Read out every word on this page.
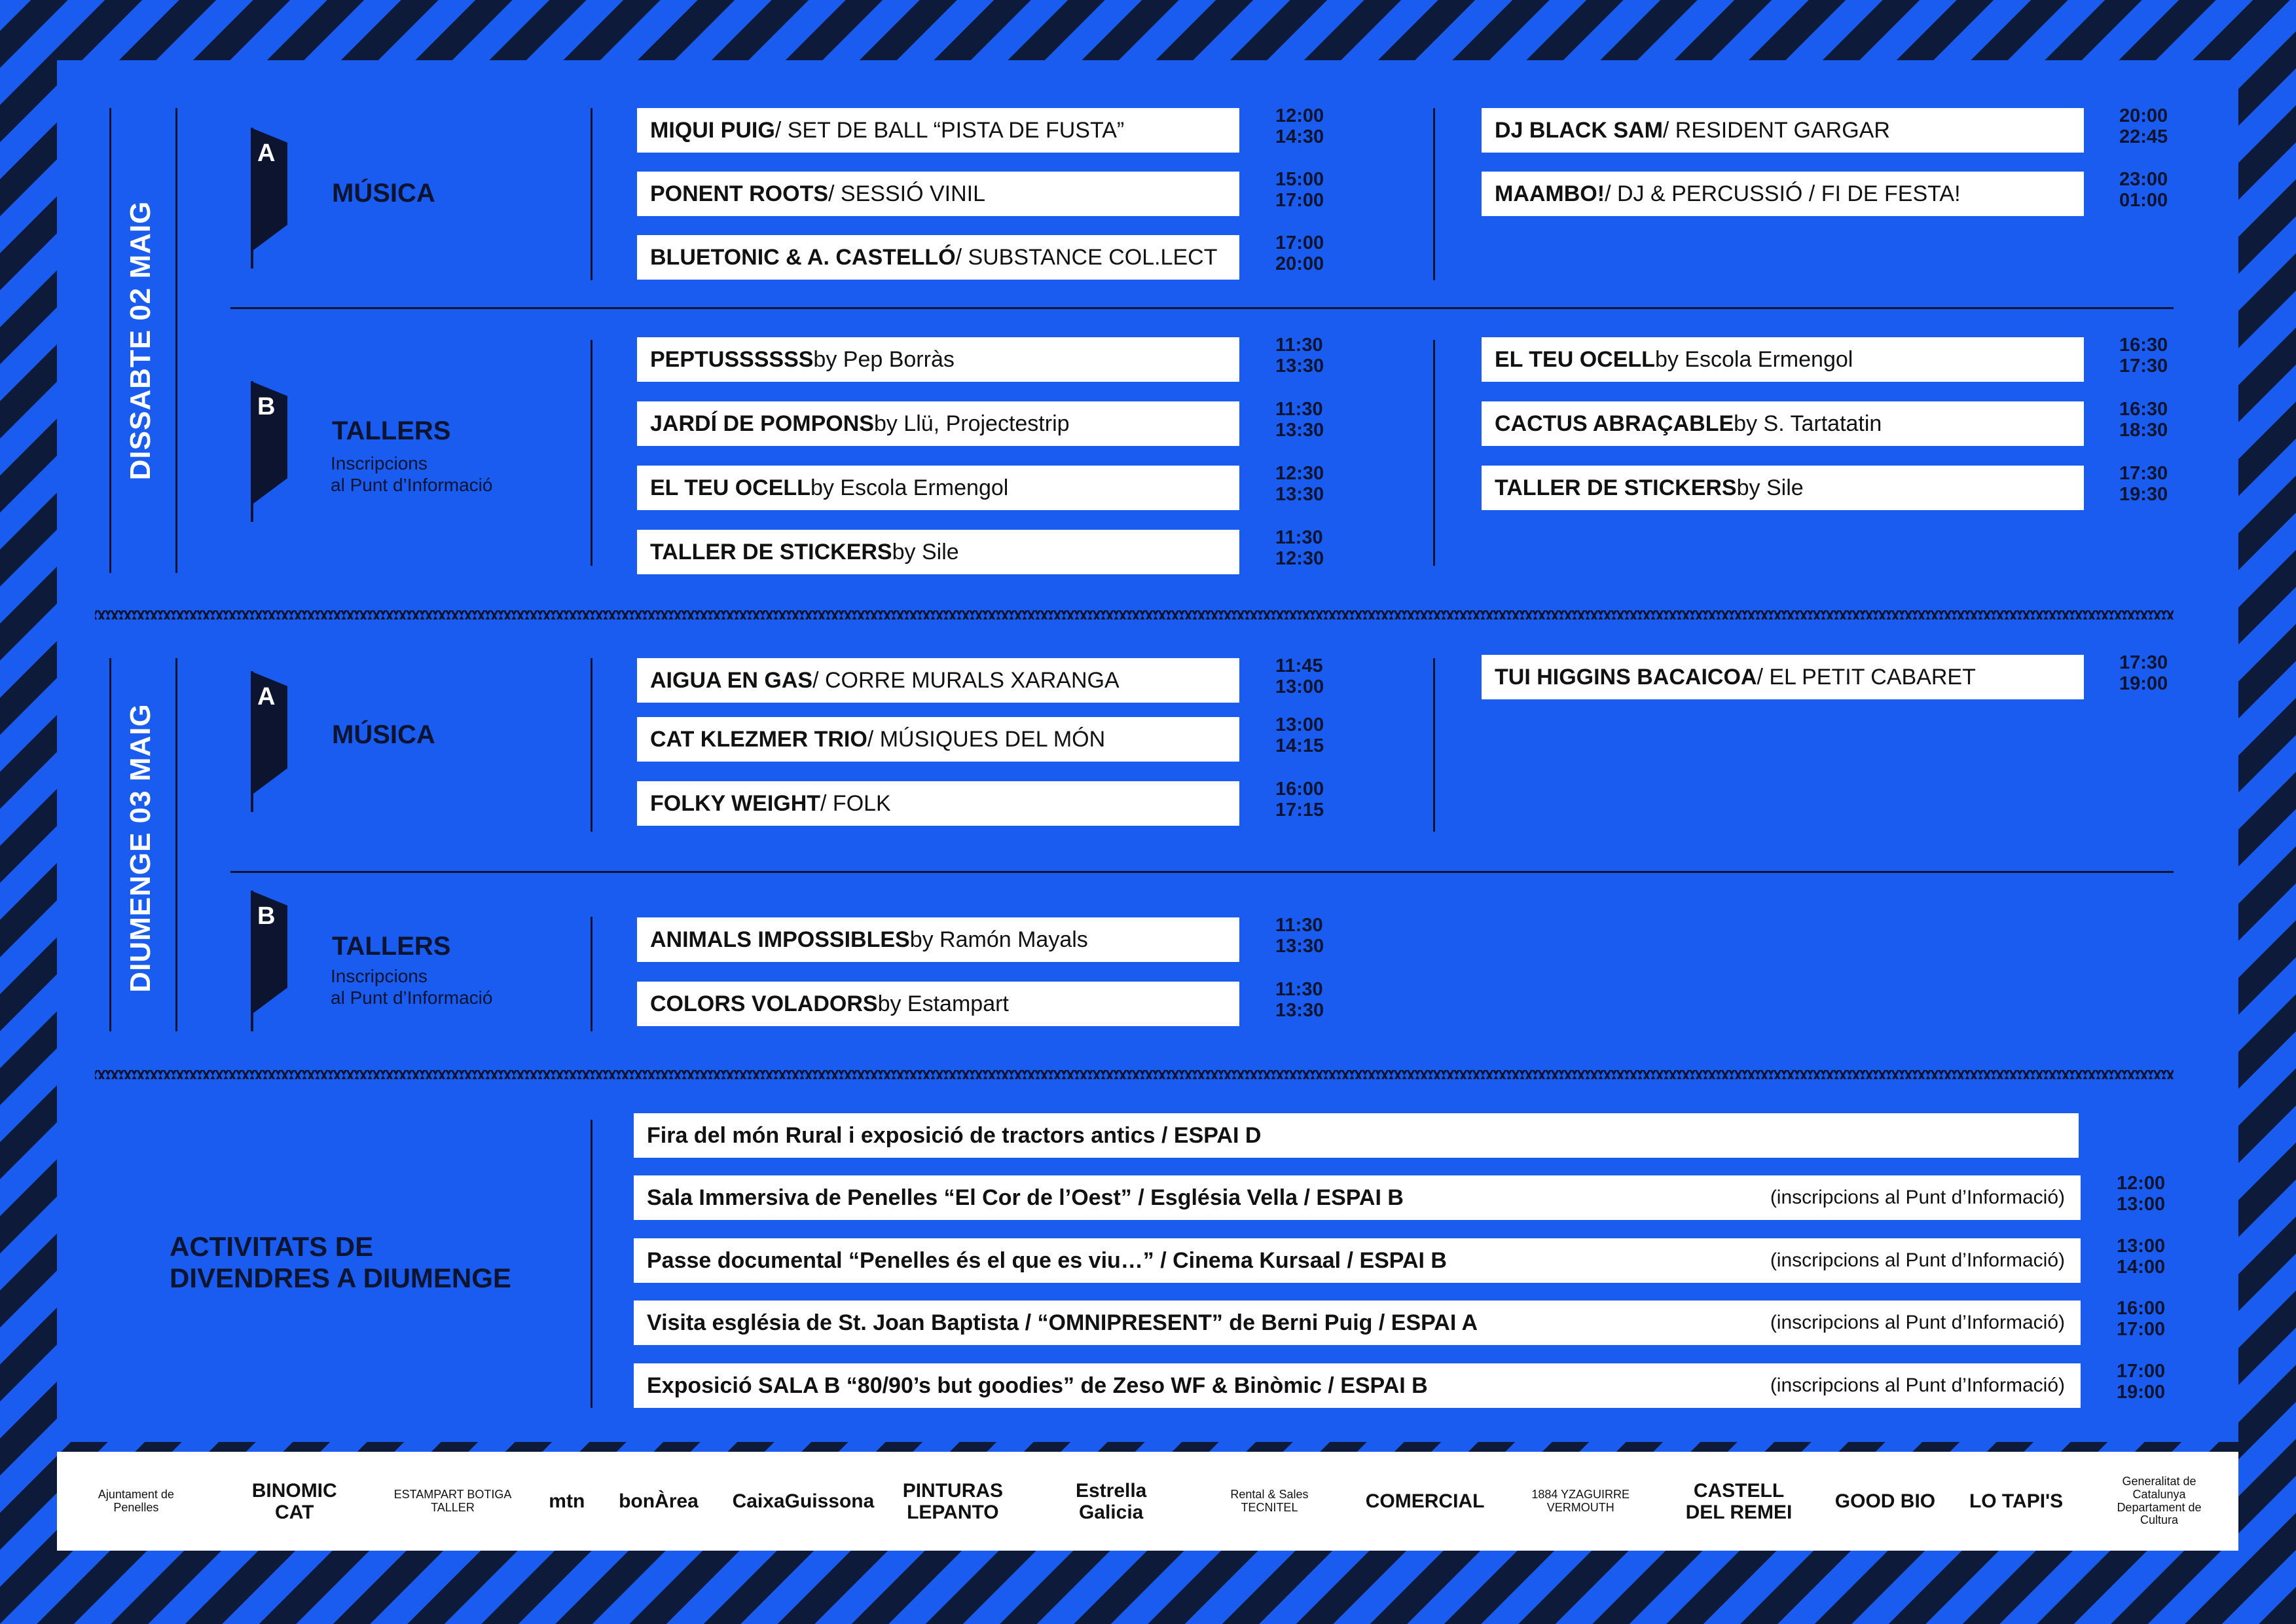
DISSABTE 02 MAIG
A
MÚSICA
MIQUI PUIG / SET DE BALL “PISTA DE FUSTA”
12:00
14:30
PONENT ROOTS / SESSIÓ VINIL
15:00
17:00
BLUETONIC & A. CASTELLÓ / SUBSTANCE COL.LECT
17:00
20:00
DJ BLACK SAM / RESIDENT GARGAR
20:00
22:45
MAAMBO! / DJ & PERCUSSIÓ / FI DE FESTA!
23:00
01:00
B
TALLERS
Inscripcions
al Punt d’Informació
PEPTUSSSSSS by Pep Borràs
11:30
13:30
JARDÍ DE POMPONS by Llü, Projectestrip
11:30
13:30
EL TEU OCELL by Escola Ermengol
12:30
13:30
TALLER DE STICKERS by Sile
11:30
12:30
EL TEU OCELL by Escola Ermengol
16:30
17:30
CACTUS ABRAÇABLE by S. Tartatatin
16:30
18:30
TALLER DE STICKERS by Sile
17:30
19:30
DIUMENGE 03 MAIG
A
MÚSICA
AIGUA EN GAS / CORRE MURALS XARANGA
11:45
13:00
CAT KLEZMER TRIO / MÚSIQUES DEL MÓN
13:00
14:15
FOLKY WEIGHT / FOLK
16:00
17:15
TUI HIGGINS BACAICOA / EL PETIT CABARET
17:30
19:00
B
TALLERS
Inscripcions
al Punt d’Informació
ANIMALS IMPOSSIBLES by Ramón Mayals
11:30
13:30
COLORS VOLADORS by Estampart
11:30
13:30
ACTIVITATS DE
DIVENDRES A DIUMENGE
Fira del món Rural i exposició de tractors antics / ESPAI D
Sala Immersiva de Penelles “El Cor de l’Oest” / Església Vella / ESPAI B	(inscripcions al Punt d’Informació)
12:00
13:00
Passe documental “Penelles és el que es viu…” / Cinema Kursaal / ESPAI B	(inscripcions al Punt d’Informació)
13:00
14:00
Visita església de St. Joan Baptista / “OMNIPRESENT” de Berni Puig / ESPAI A	(inscripcions al Punt d’Informació)
16:00
17:00
Exposició SALA B “80/90’s but goodies” de Zeso WF & Binòmic / ESPAI B	(inscripcions al Punt d’Informació)
17:00
19:00
Ajuntament de Penelles
BINOMIC CAT
ESTAMPART BOTIGA TALLER	mtn bonÀrea CaixaGuissona	PINTURAS LEPANTO
Estrella Galicia
Rental & Sales TECNITEL	COMERCIAL	1884 YZAGUIRRE VERMOUTH
CASTELL DEL REMEI	GOOD BIO LO TAPI'S
Generalitat de Catalunya Departament de Cultura
